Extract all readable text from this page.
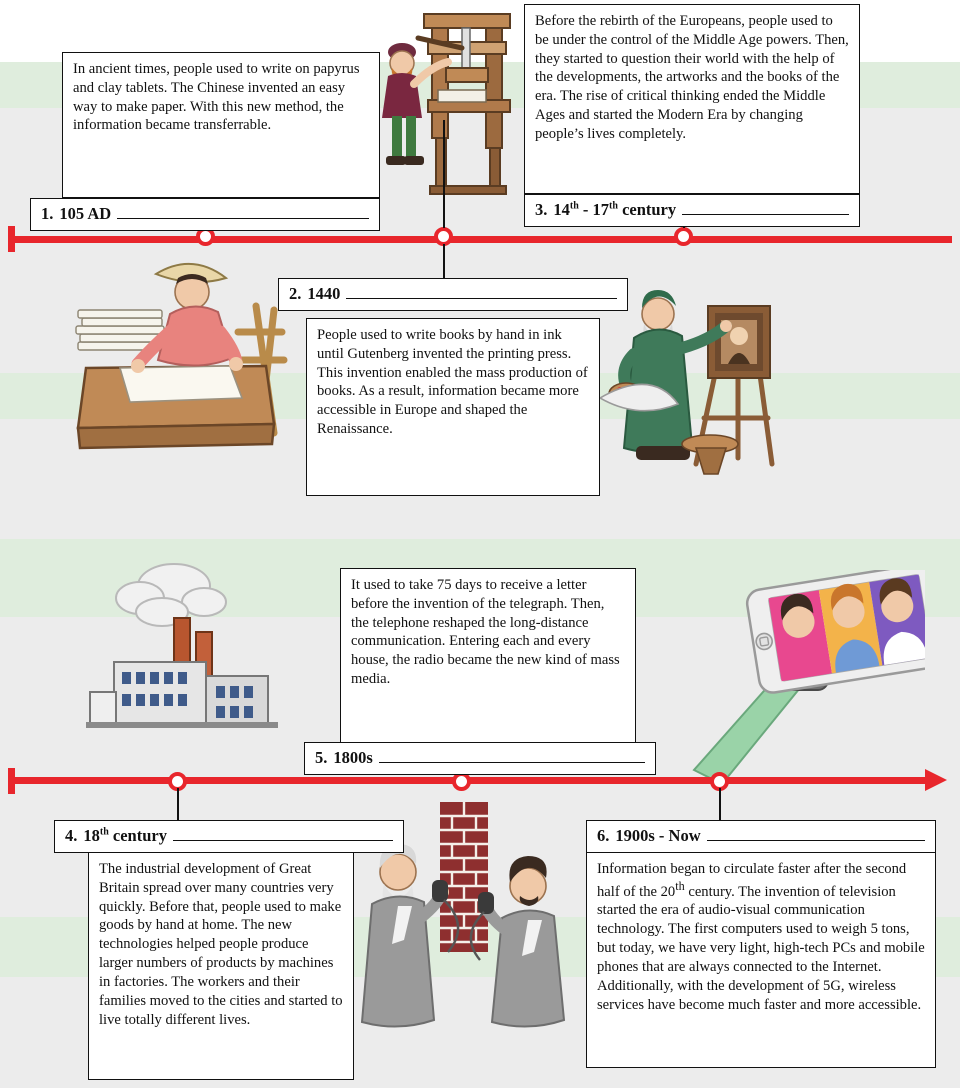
In ancient times, people used to write on papyrus and clay tablets. The Chinese invented an easy way to make paper. With this new method, the information became transferrable.
1. 105 AD
2. 1440
People used to write books by hand in ink until Gutenberg invented the printing press. This invention enabled the mass production of books. As a result, information became more accessible in Europe and shaped the Renaissance.
Before the rebirth of the Europeans, people used to be under the control of the Middle Age powers. Then, they started to question their world with the help of the developments, the artworks and the books of the era. The rise of critical thinking ended the Middle Ages and started the Modern Era by changing people’s lives completely.
3. 14th - 17th century
It used to take 75 days to receive a letter before the invention of the telegraph. Then, the telephone reshaped the long-distance communication. Entering each and every house, the radio became the new kind of mass media.
5. 1800s
4. 18th century
The industrial development of Great Britain spread over many countries very quickly. Before that, people used to make goods by hand at home. The new technologies helped people produce larger numbers of products by machines in factories. The workers and their families moved to the cities and started to live totally different lives.
6. 1900s - Now
Information began to circulate faster after the second half of the 20th century. The invention of television started the era of audio-visual communication technology. The first computers used to weigh 5 tons, but today, we have very light, high-tech PCs and mobile phones that are always connected to the Internet. Additionally, with the development of 5G, wireless services have become much faster and more accessible.
